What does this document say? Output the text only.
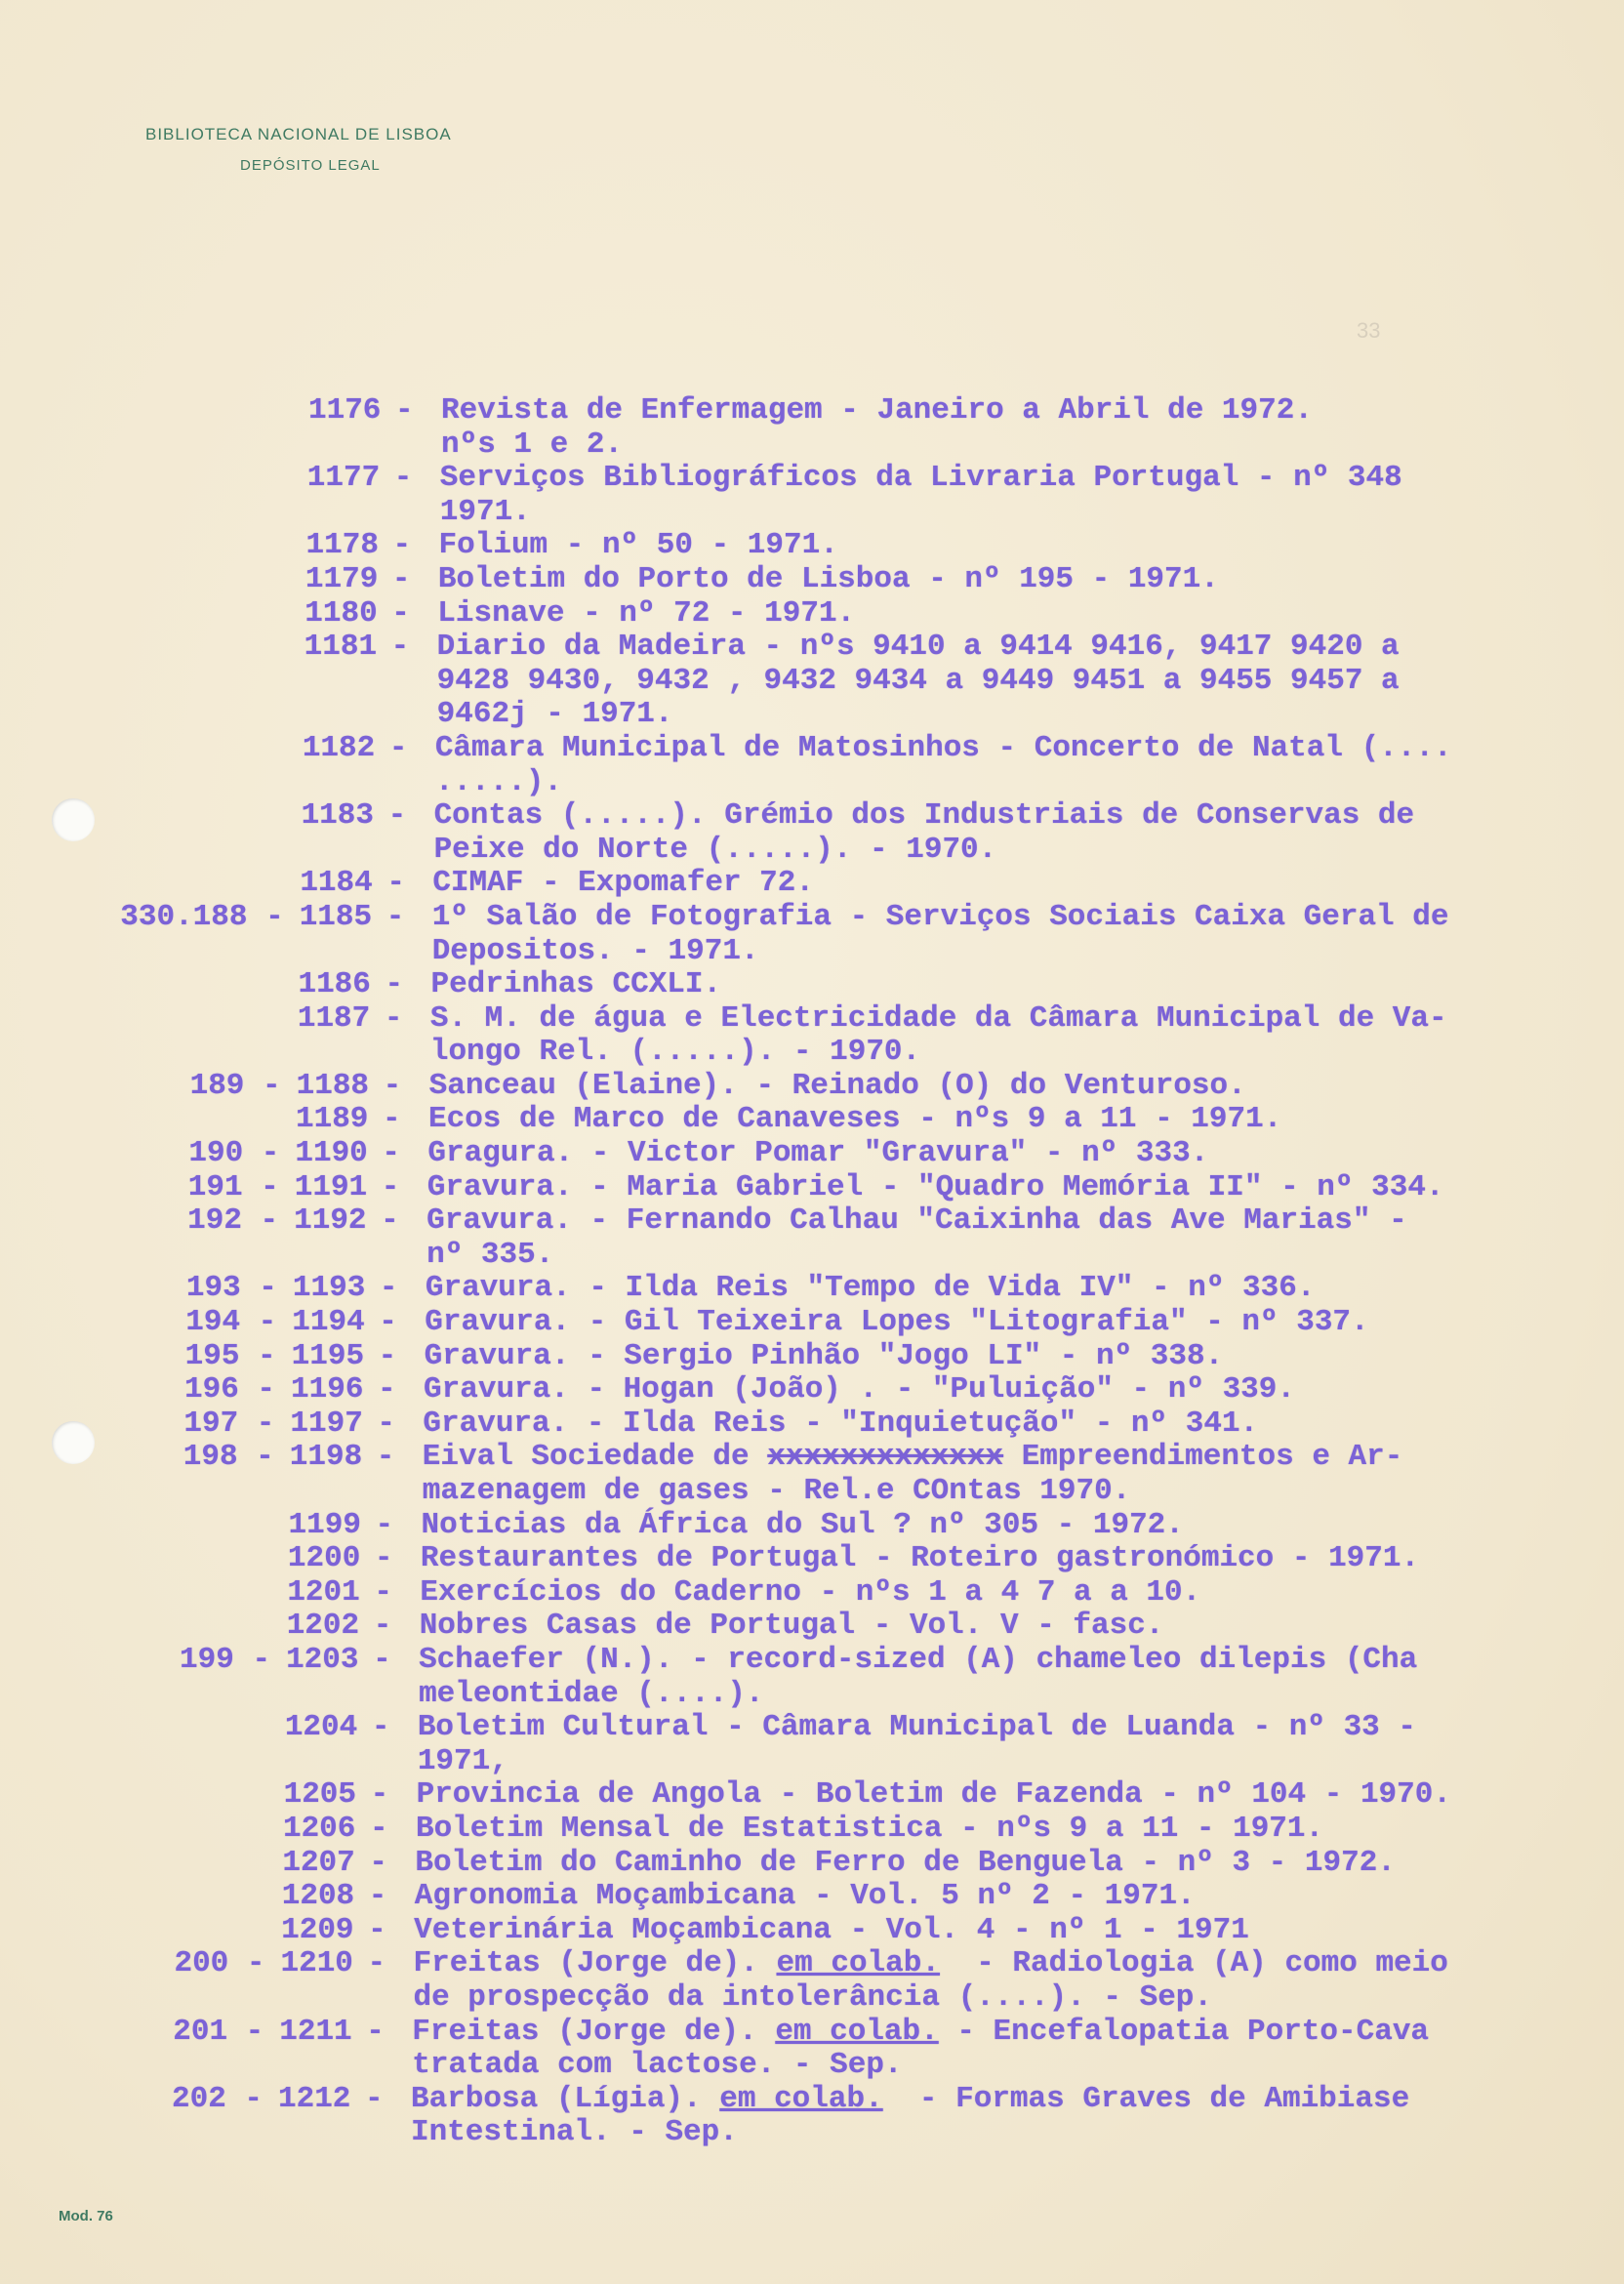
BIBLIOTECA NACIONAL DE LISBOA
DEPÓSITO LEGAL
33
1176 - Revista de Enfermagem - Janeiro a Abril de 1972.
nºs 1 e 2.
1177 - Serviços Bibliográficos da Livraria Portugal - nº 348
1971.
1178 - Folium - nº 50 - 1971.
1179 - Boletim do Porto de Lisboa - nº 195 - 1971.
1180 - Lisnave - nº 72 - 1971.
1181 - Diario da Madeira - nºs 9410 a 9414 9416, 9417 9420 a
9428 9430, 9432 , 9432 9434 a 9449 9451 a 9455 9457 a
9462j - 1971.
1182 - Câmara Municipal de Matosinhos - Concerto de Natal (....
.....).
1183 - Contas (.....). Grémio dos Industriais de Conservas de
Peixe do Norte (.....). - 1970.
1184 - CIMAF - Expomafer 72.
330.188 - 1185 - 1º Salão de Fotografia - Serviços Sociais Caixa Geral de
Depositos. - 1971.
1186 - Pedrinhas CCXLI.
1187 - S. M. de água e Electricidade da Câmara Municipal de Va-
longo Rel. (.....). - 1970.
189 - 1188 - Sanceau (Elaine). - Reinado (O) do Venturoso.
1189 - Ecos de Marco de Canaveses - nºs 9 a 11 - 1971.
190 - 1190 - Gragura. - Victor Pomar "Gravura" - nº 333.
191 - 1191 - Gravura. - Maria Gabriel - "Quadro Memória II" - nº 334.
192 - 1192 - Gravura. - Fernando Calhau "Caixinha das Ave Marias" -
nº 335.
193 - 1193 - Gravura. - Ilda Reis "Tempo de Vida IV" - nº 336.
194 - 1194 - Gravura. - Gil Teixeira Lopes "Litografia" - nº 337.
195 - 1195 - Gravura. - Sergio Pinhão "Jogo LI" - nº 338.
196 - 1196 - Gravura. - Hogan (João) . - "Puluição" - nº 339.
197 - 1197 - Gravura. - Ilda Reis - "Inquietução" - nº 341.
198 - 1198 - Eival Sociedade de xxxxxxxxxxxxx Empreendimentos e Ar-
mazenagem de gases - Rel.e COntas 1970.
1199 - Noticias da África do Sul ? nº 305 - 1972.
1200 - Restaurantes de Portugal - Roteiro gastronómico - 1971.
1201 - Exercícios do Caderno - nºs 1 a 4 7 a a 10.
1202 - Nobres Casas de Portugal - Vol. V - fasc.
199 - 1203 - Schaefer (N.). - record-sized (A) chameleo dilepis (Cha
meleontidae (....).
1204 - Boletim Cultural - Câmara Municipal de Luanda - nº 33 -
1971,
1205 - Provincia de Angola - Boletim de Fazenda - nº 104 - 1970.
1206 - Boletim Mensal de Estatistica - nºs 9 a 11 - 1971.
1207 - Boletim do Caminho de Ferro de Benguela - nº 3 - 1972.
1208 - Agronomia Moçambicana - Vol. 5 nº 2 - 1971.
1209 - Veterinária Moçambicana - Vol. 4 - nº 1 - 1971
200 - 1210 - Freitas (Jorge de). em colab.  - Radiologia (A) como meio
de prospecção da intolerância (....). - Sep.
201 - 1211 - Freitas (Jorge de). em colab. - Encefalopatia Porto-Cava
tratada com lactose. - Sep.
202 - 1212 - Barbosa (Lígia). em colab.  - Formas Graves de Amibiase
Intestinal. - Sep.
Mod. 76
